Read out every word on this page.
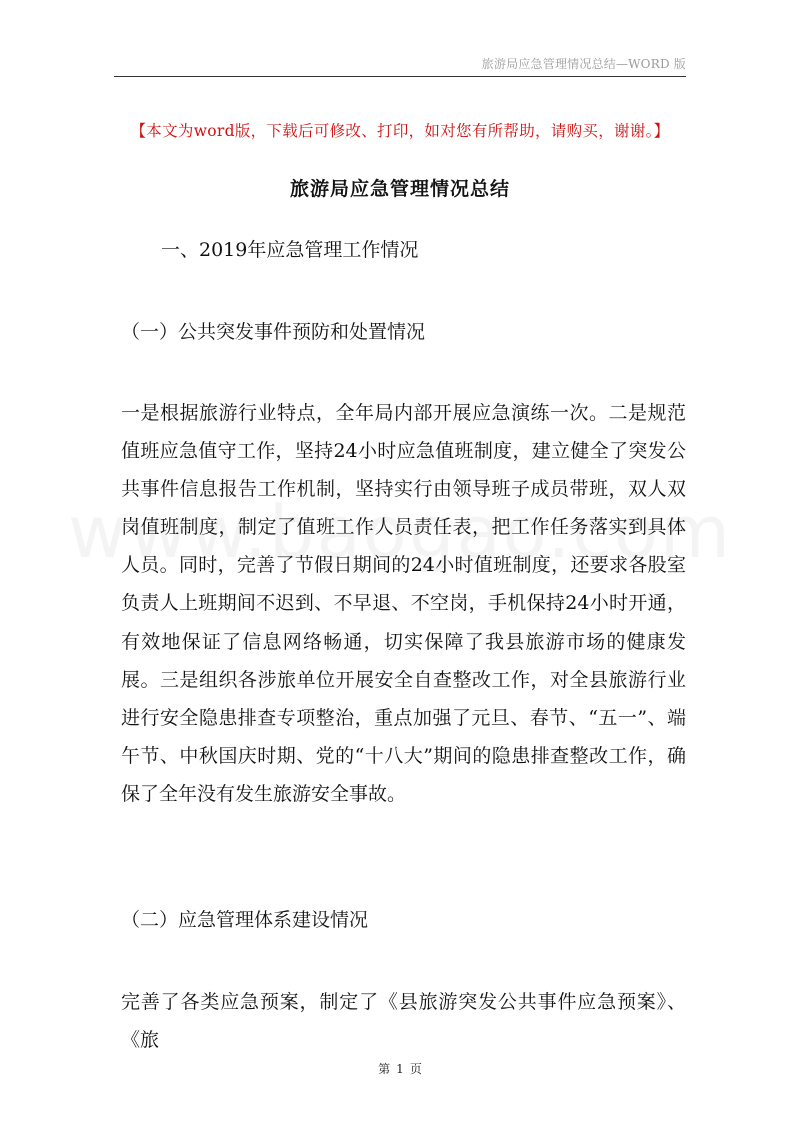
旅游局应急管理情况总结—WORD 版
【本文为word版，下载后可修改、打印，如对您有所帮助，请购买，谢谢。】
旅游局应急管理情况总结
一、2019年应急管理工作情况
（一）公共突发事件预防和处置情况

一是根据旅游行业特点，全年局内部开展应急演练一次。二是规范值班应急值守工作，坚持24小时应急值班制度，建立健全了突发公共事件信息报告工作机制，坚持实行由领导班子成员带班，双人双岗值班制度，制定了值班工作人员责任表，把工作任务落实到具体人员。同时，完善了节假日期间的24小时值班制度，还要求各股室负责人上班期间不迟到、不早退、不空岗，手机保持24小时开通，有效地保证了信息网络畅通，切实保障了我县旅游市场的健康发展。三是组织各涉旅单位开展安全自查整改工作，对全县旅游行业进行安全隐患排查专项整治，重点加强了元旦、春节、“五一”、端午节、中秋国庆时期、党的“十八大”期间的隐患排查整改工作，确保了全年没有发生旅游安全事故。

（二）应急管理体系建设情况

完善了各类应急预案，制定了《县旅游突发公共事件应急预案》、《旅

第 1 页
